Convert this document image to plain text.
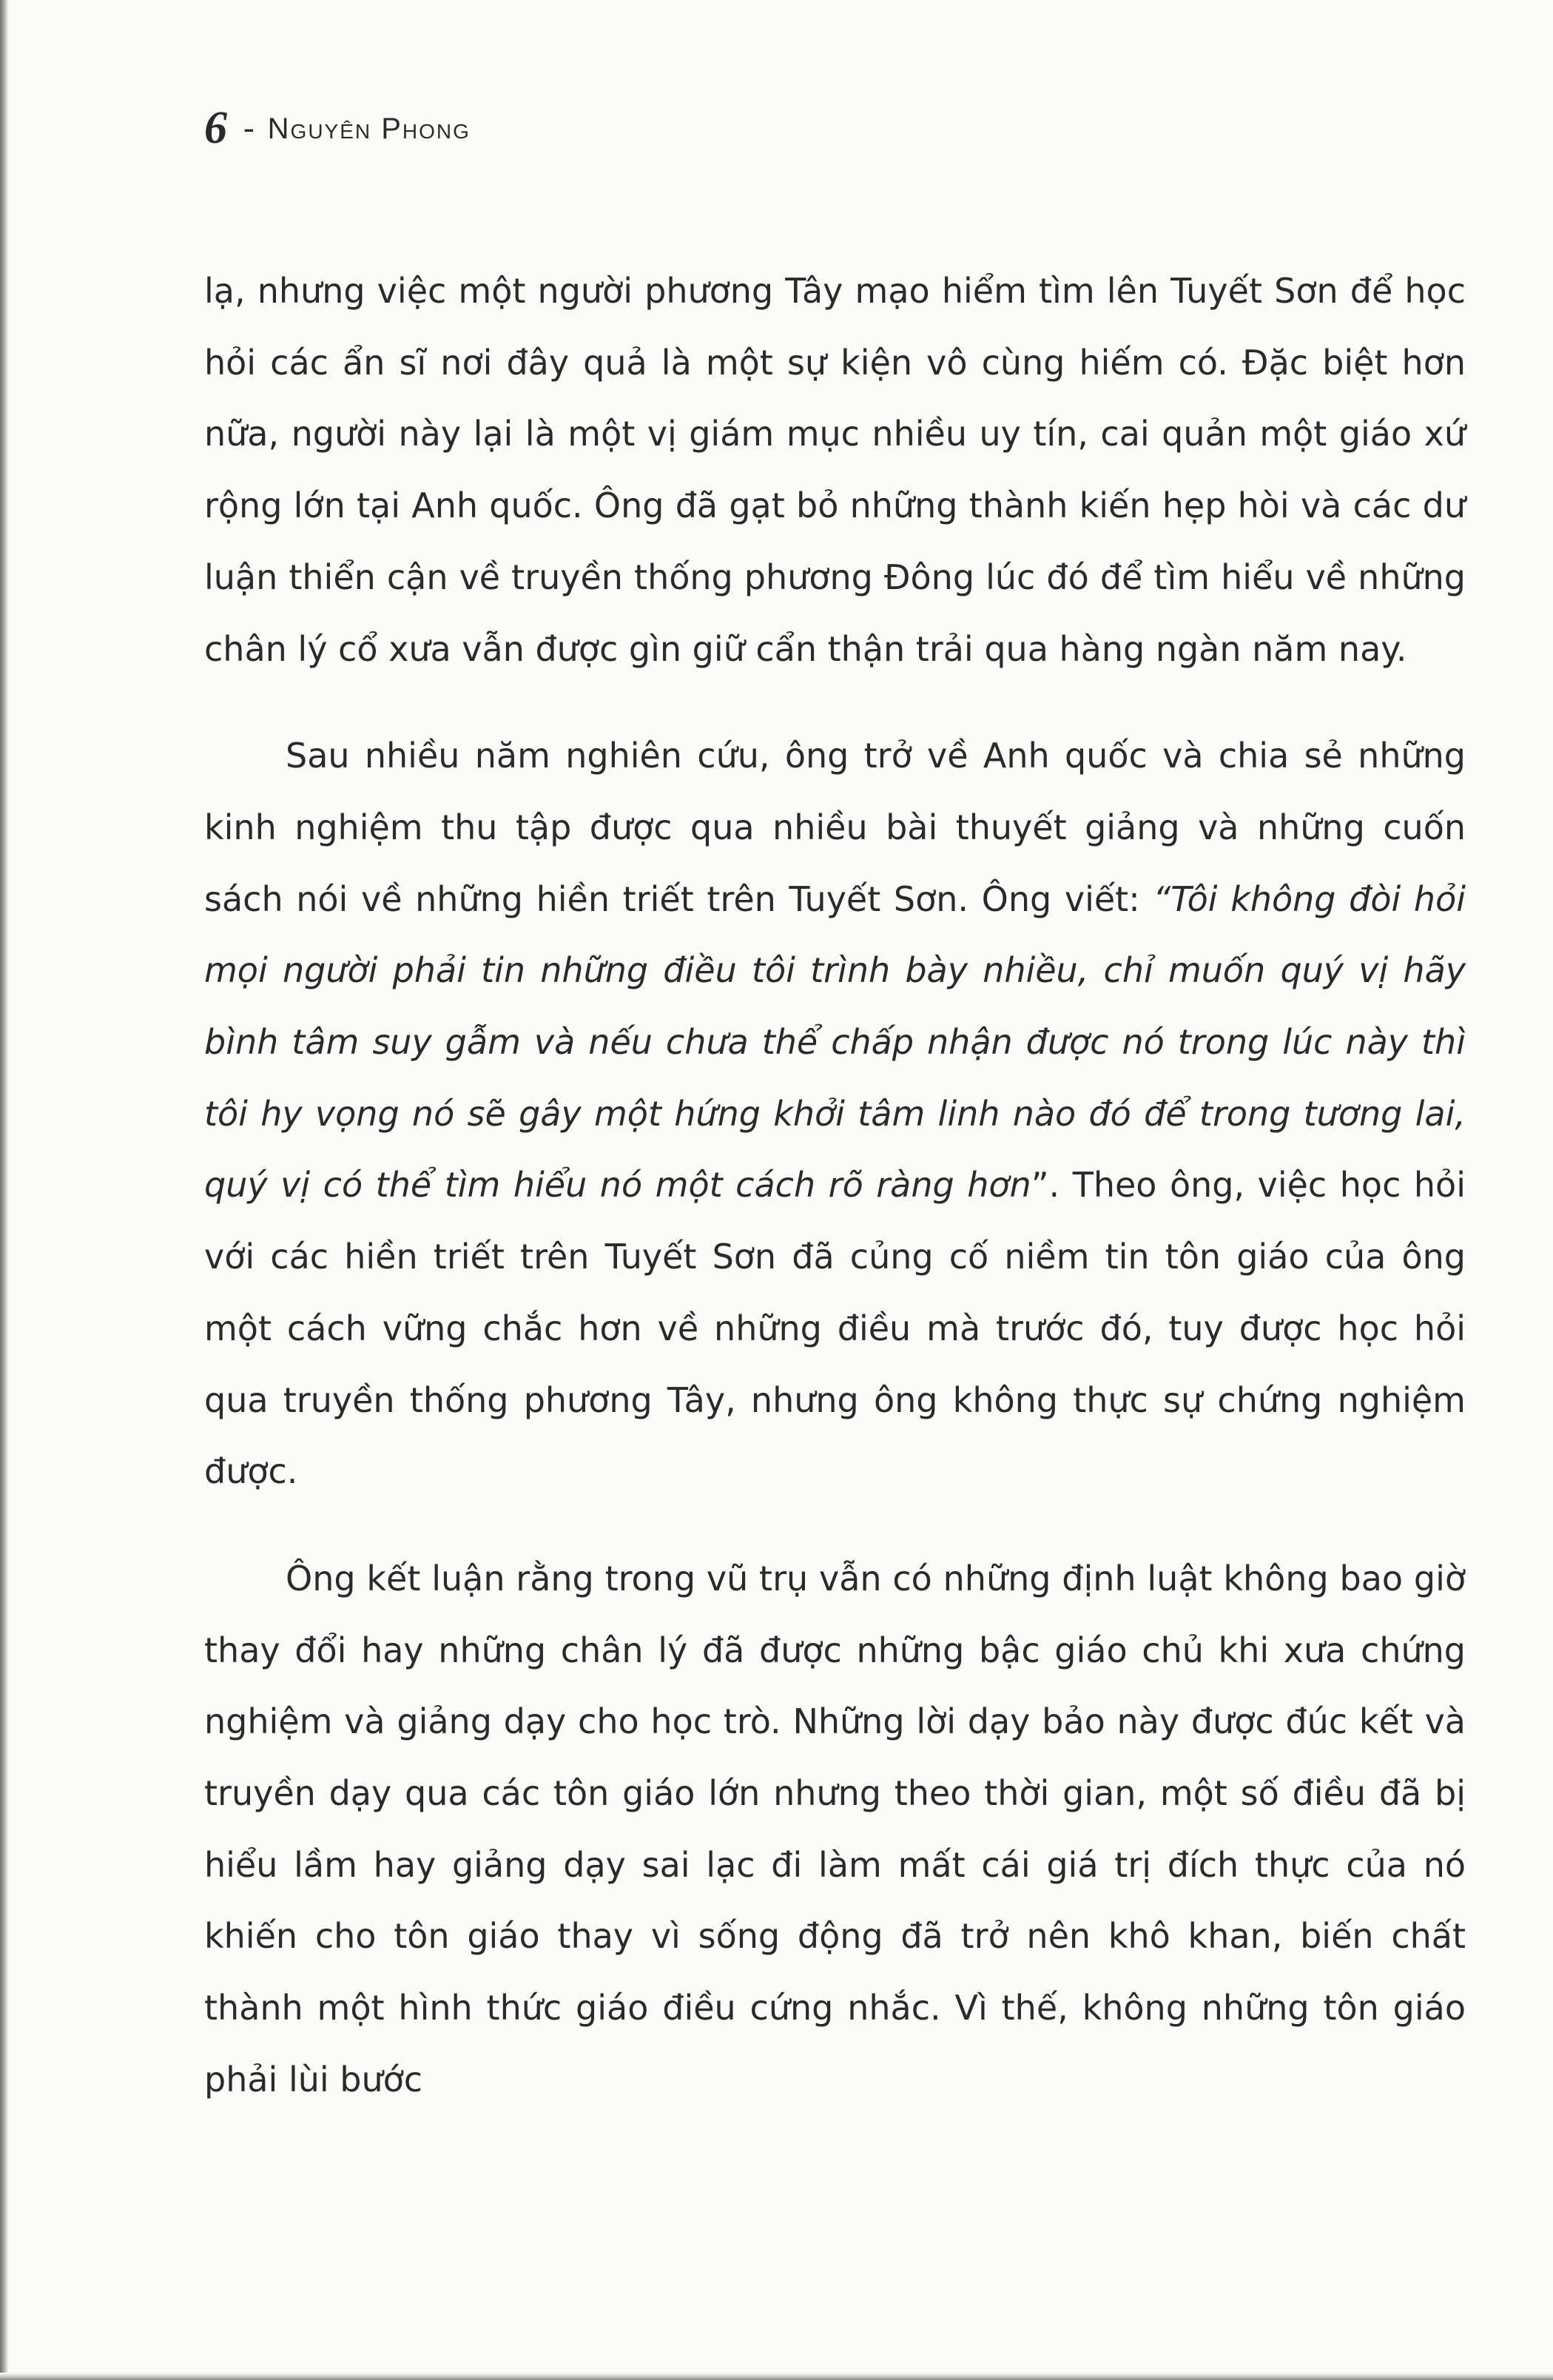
6 - Nguyên Phong

lạ, nhưng việc một người phương Tây mạo hiểm tìm lên Tuyết Sơn để học hỏi các ẩn sĩ nơi đây quả là một sự kiện vô cùng hiếm có. Đặc biệt hơn nữa, người này lại là một vị giám mục nhiều uy tín, cai quản một giáo xứ rộng lớn tại Anh quốc. Ông đã gạt bỏ những thành kiến hẹp hòi và các dư luận thiển cận về truyền thống phương Đông lúc đó để tìm hiểu về những chân lý cổ xưa vẫn được gìn giữ cẩn thận trải qua hàng ngàn năm nay.

Sau nhiều năm nghiên cứu, ông trở về Anh quốc và chia sẻ những kinh nghiệm thu tập được qua nhiều bài thuyết giảng và những cuốn sách nói về những hiền triết trên Tuyết Sơn. Ông viết: “Tôi không đòi hỏi mọi người phải tin những điều tôi trình bày nhiều, chỉ muốn quý vị hãy bình tâm suy gẫm và nếu chưa thể chấp nhận được nó trong lúc này thì tôi hy vọng nó sẽ gây một hứng khởi tâm linh nào đó để trong tương lai, quý vị có thể tìm hiểu nó một cách rõ ràng hơn”. Theo ông, việc học hỏi với các hiền triết trên Tuyết Sơn đã củng cố niềm tin tôn giáo của ông một cách vững chắc hơn về những điều mà trước đó, tuy được học hỏi qua truyền thống phương Tây, nhưng ông không thực sự chứng nghiệm được.

Ông kết luận rằng trong vũ trụ vẫn có những định luật không bao giờ thay đổi hay những chân lý đã được những bậc giáo chủ khi xưa chứng nghiệm và giảng dạy cho học trò. Những lời dạy bảo này được đúc kết và truyền dạy qua các tôn giáo lớn nhưng theo thời gian, một số điều đã bị hiểu lầm hay giảng dạy sai lạc đi làm mất cái giá trị đích thực của nó khiến cho tôn giáo thay vì sống động đã trở nên khô khan, biến chất thành một hình thức giáo điều cứng nhắc. Vì thế, không những tôn giáo phải lùi bước
